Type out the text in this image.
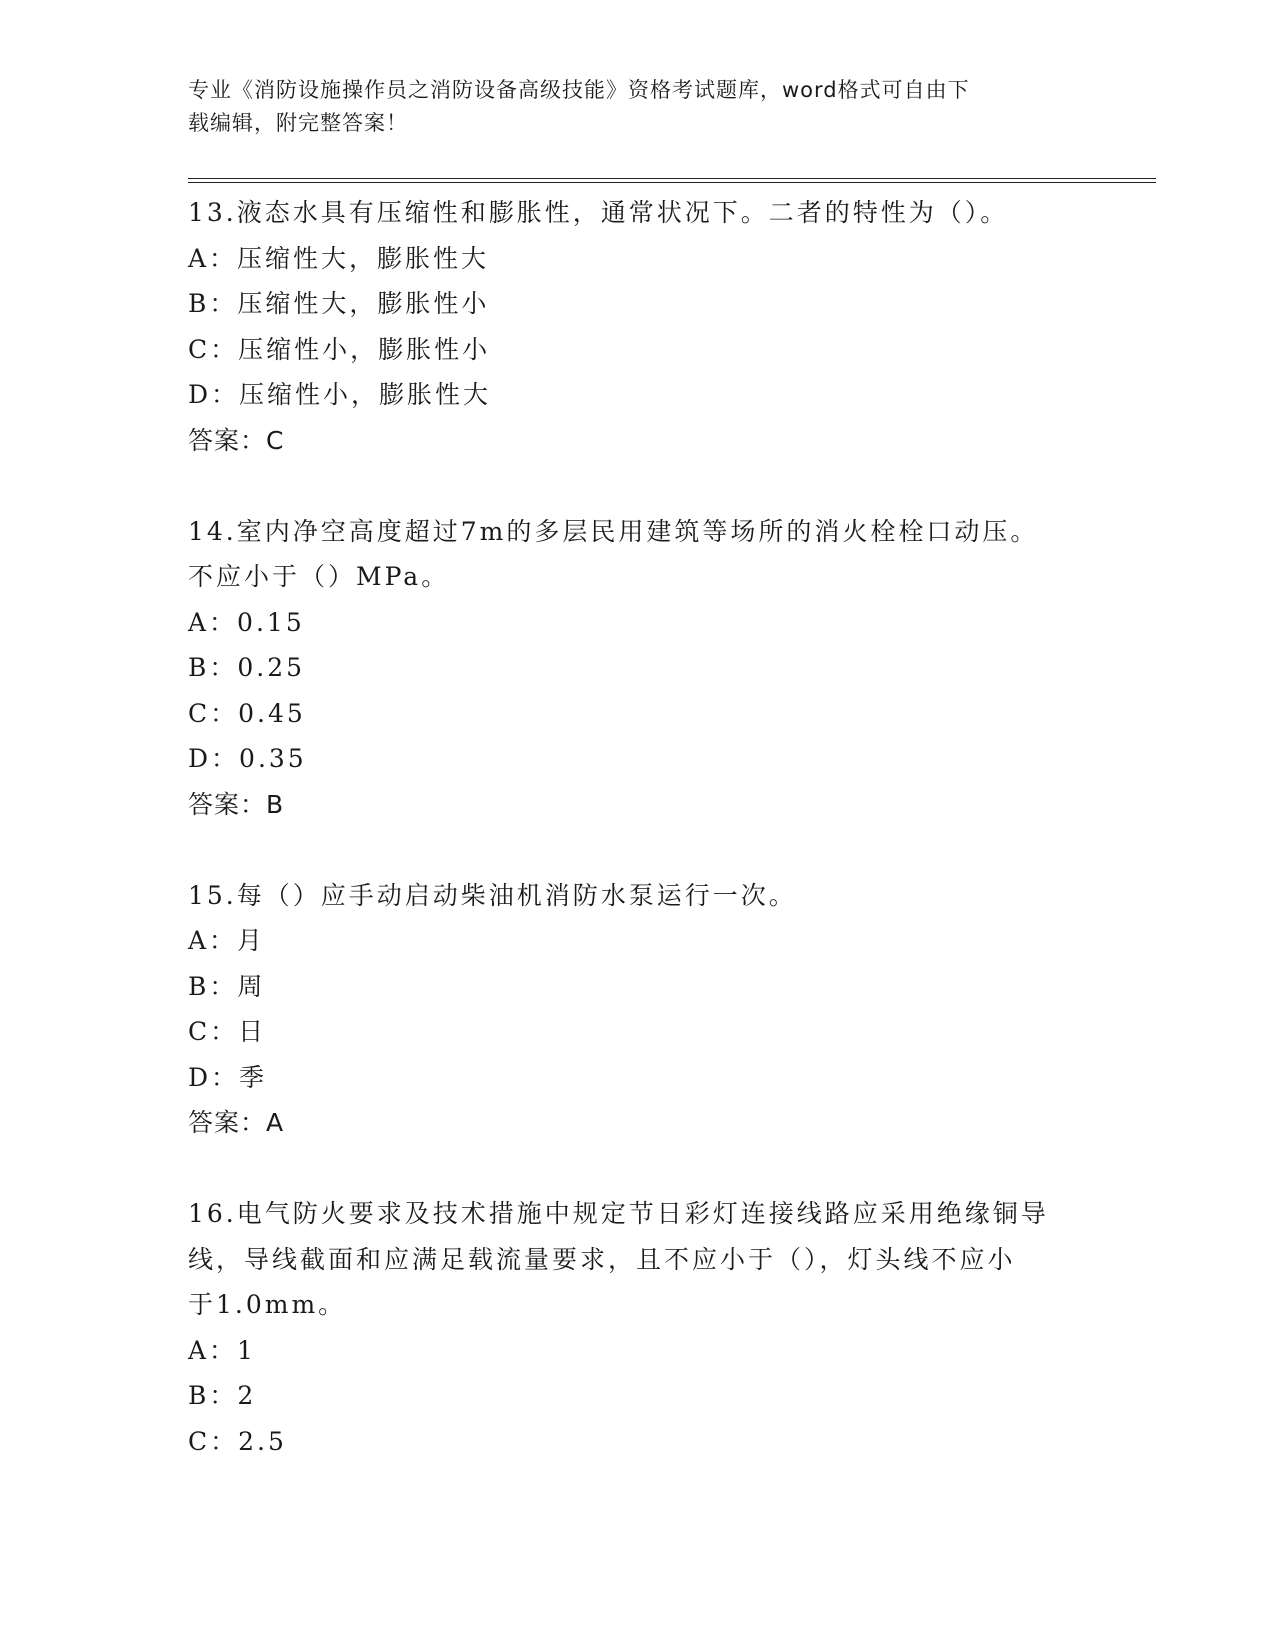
专业《消防设施操作员之消防设备高级技能》资格考试题库，word格式可自由下
载编辑，附完整答案！
13.液态水具有压缩性和膨胀性，通常状况下。二者的特性为（）。
A：压缩性大，膨胀性大
B：压缩性大，膨胀性小
C：压缩性小，膨胀性小
D：压缩性小，膨胀性大
答案：C
14.室内净空高度超过7m的多层民用建筑等场所的消火栓栓口动压。
不应小于（）MPa。
A：0.15
B：0.25
C：0.45
D：0.35
答案：B
15.每（）应手动启动柴油机消防水泵运行一次。
A：月
B：周
C：日
D：季
答案：A
16.电气防火要求及技术措施中规定节日彩灯连接线路应采用绝缘铜导
线，导线截面和应满足载流量要求，且不应小于（），灯头线不应小
于1.0mm。
A：1
B：2
C：2.5
